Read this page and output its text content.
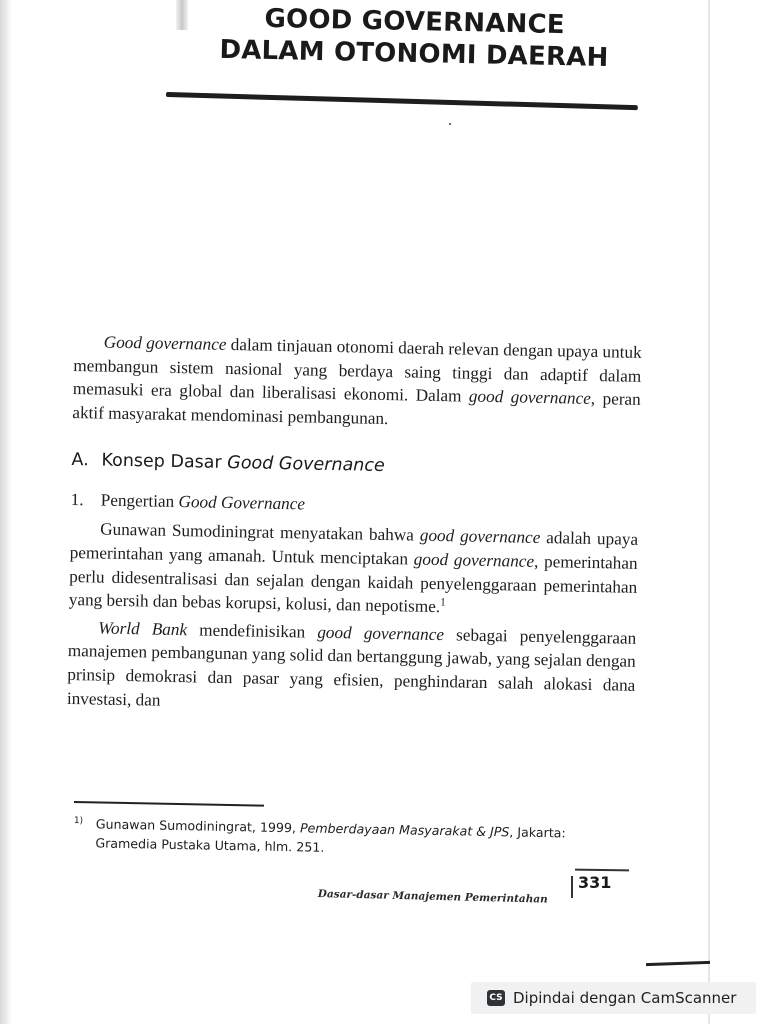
GOOD GOVERNANCE
DALAM OTONOMI DAERAH

Good governance dalam tinjauan otonomi daerah relevan dengan upaya untuk membangun sistem nasional yang berdaya saing tinggi dan adaptif dalam memasuki era global dan liberalisasi ekonomi. Dalam good governance, peran aktif masyarakat mendominasi pembangunan.

A. Konsep Dasar Good Governance
1. Pengertian Good Governance

Gunawan Sumodiningrat menyatakan bahwa good governance adalah upaya pemerintahan yang amanah. Untuk menciptakan good governance, pemerintahan perlu didesentralisasi dan sejalan dengan kaidah penyelenggaraan pemerintahan yang bersih dan bebas korupsi, kolusi, dan nepotisme.$^1$

World Bank mendefinisikan good governance sebagai penyelenggaraan manajemen pembangunan yang solid dan bertanggung jawab, yang sejalan dengan prinsip demokrasi dan pasar yang efisien, penghindaran salah alokasi dana investasi, dan

1) Gunawan Sumodiningrat, 1999, Pemberdayaan Masyarakat & JPS, Jakarta: Gramedia Pustaka Utama, hlm. 251.
Dasar-dasar Manajemen Pemerintahan
331
CS Dipindai dengan CamScanner
